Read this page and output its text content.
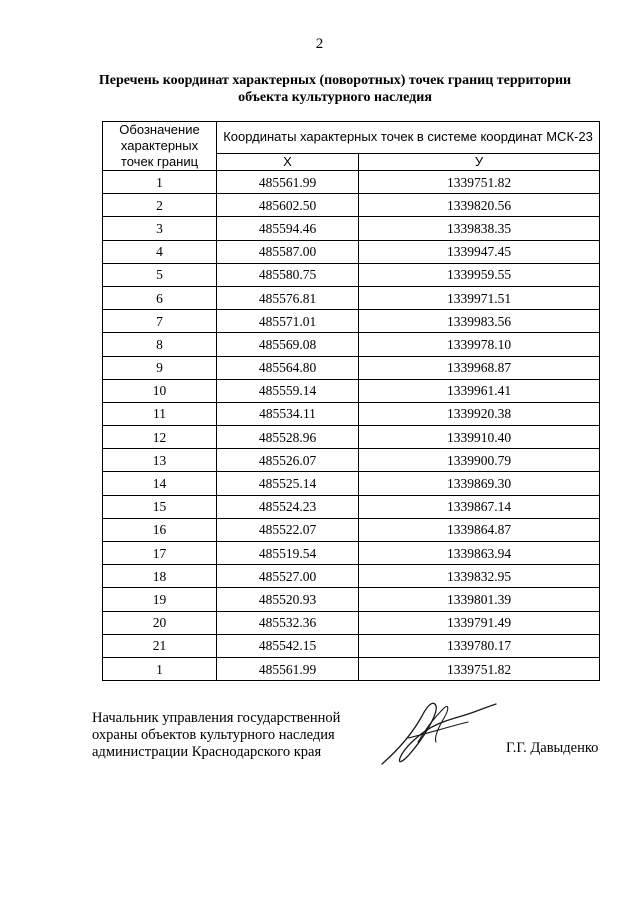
2
Перечень координат характерных (поворотных) точек границ территории
объекта культурного наследия
Обозначение характерных точек границ	Координаты характерных точек в системе координат МСК-23	
	Х	У
1	485561.99	1339751.82
2	485602.50	1339820.56
3	485594.46	1339838.35
4	485587.00	1339947.45
5	485580.75	1339959.55
6	485576.81	1339971.51
7	485571.01	1339983.56
8	485569.08	1339978.10
9	485564.80	1339968.87
10	485559.14	1339961.41
11	485534.11	1339920.38
12	485528.96	1339910.40
13	485526.07	1339900.79
14	485525.14	1339869.30
15	485524.23	1339867.14
16	485522.07	1339864.87
17	485519.54	1339863.94
18	485527.00	1339832.95
19	485520.93	1339801.39
20	485532.36	1339791.49
21	485542.15	1339780.17
1	485561.99	1339751.82
Начальник управления государственной
охраны объектов культурного наследия
администрации Краснодарского края	Г.Г. Давыденко
